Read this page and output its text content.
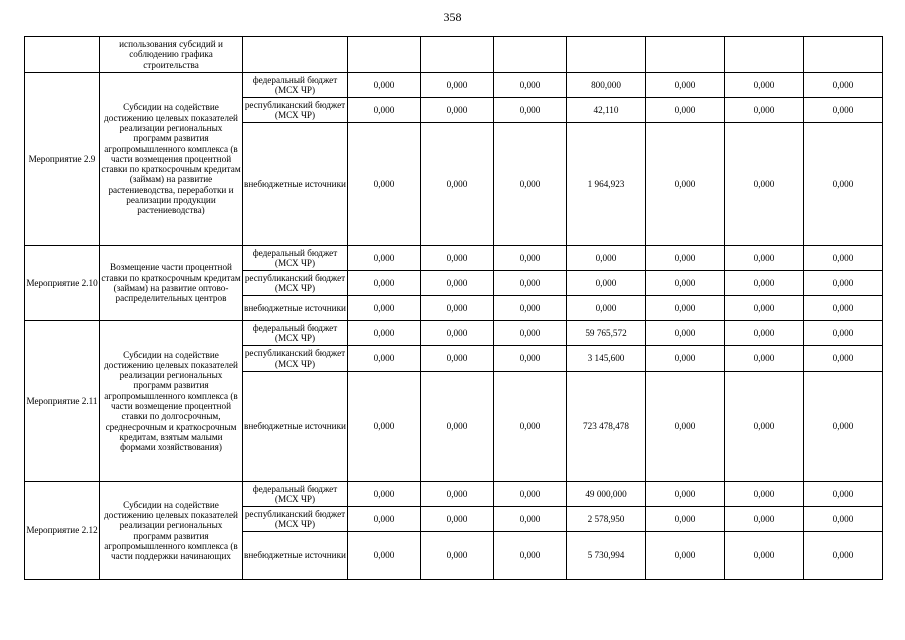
358
	использования субсидий и соблюдению графика строительства								
Мероприятие 2.9	Субсидии на содействие достижению целевых показателей реализации региональных программ развития агропромышленного комплекса (в части возмещения процентной ставки по краткосрочным кредитам (займам) на развитие растениеводства, переработки и реализации продукции растениеводства)	федеральный бюджет (МСХ ЧР)	0,000	0,000	0,000	800,000	0,000	0,000	0,000
		республиканский бюджет (МСХ ЧР)	0,000	0,000	0,000	42,110	0,000	0,000	0,000
		внебюджетные источники	0,000	0,000	0,000	1 964,923	0,000	0,000	0,000
Мероприятие 2.10	Возмещение части процентной ставки по краткосрочным кредитам (займам) на развитие оптово- распределительных центров	федеральный бюджет (МСХ ЧР)	0,000	0,000	0,000	0,000	0,000	0,000	0,000
		республиканский бюджет (МСХ ЧР)	0,000	0,000	0,000	0,000	0,000	0,000	0,000
		внебюджетные источники	0,000	0,000	0,000	0,000	0,000	0,000	0,000
Мероприятие 2.11	Субсидии на содействие достижению целевых показателей реализации региональных программ развития агропромышленного комплекса (в части возмещение процентной ставки по долгосрочным, среднесрочным и краткосрочным кредитам, взятым малыми формами хозяйствования)	федеральный бюджет (МСХ ЧР)	0,000	0,000	0,000	59 765,572	0,000	0,000	0,000
		республиканский бюджет (МСХ ЧР)	0,000	0,000	0,000	3 145,600	0,000	0,000	0,000
		внебюджетные источники	0,000	0,000	0,000	723 478,478	0,000	0,000	0,000
Мероприятие 2.12	Субсидии на содействие достижению целевых показателей реализации региональных программ развития агропромышленного комплекса (в части поддержки начинающих	федеральный бюджет (МСХ ЧР)	0,000	0,000	0,000	49 000,000	0,000	0,000	0,000
		республиканский бюджет (МСХ ЧР)	0,000	0,000	0,000	2 578,950	0,000	0,000	0,000
		внебюджетные источники	0,000	0,000	0,000	5 730,994	0,000	0,000	0,000
